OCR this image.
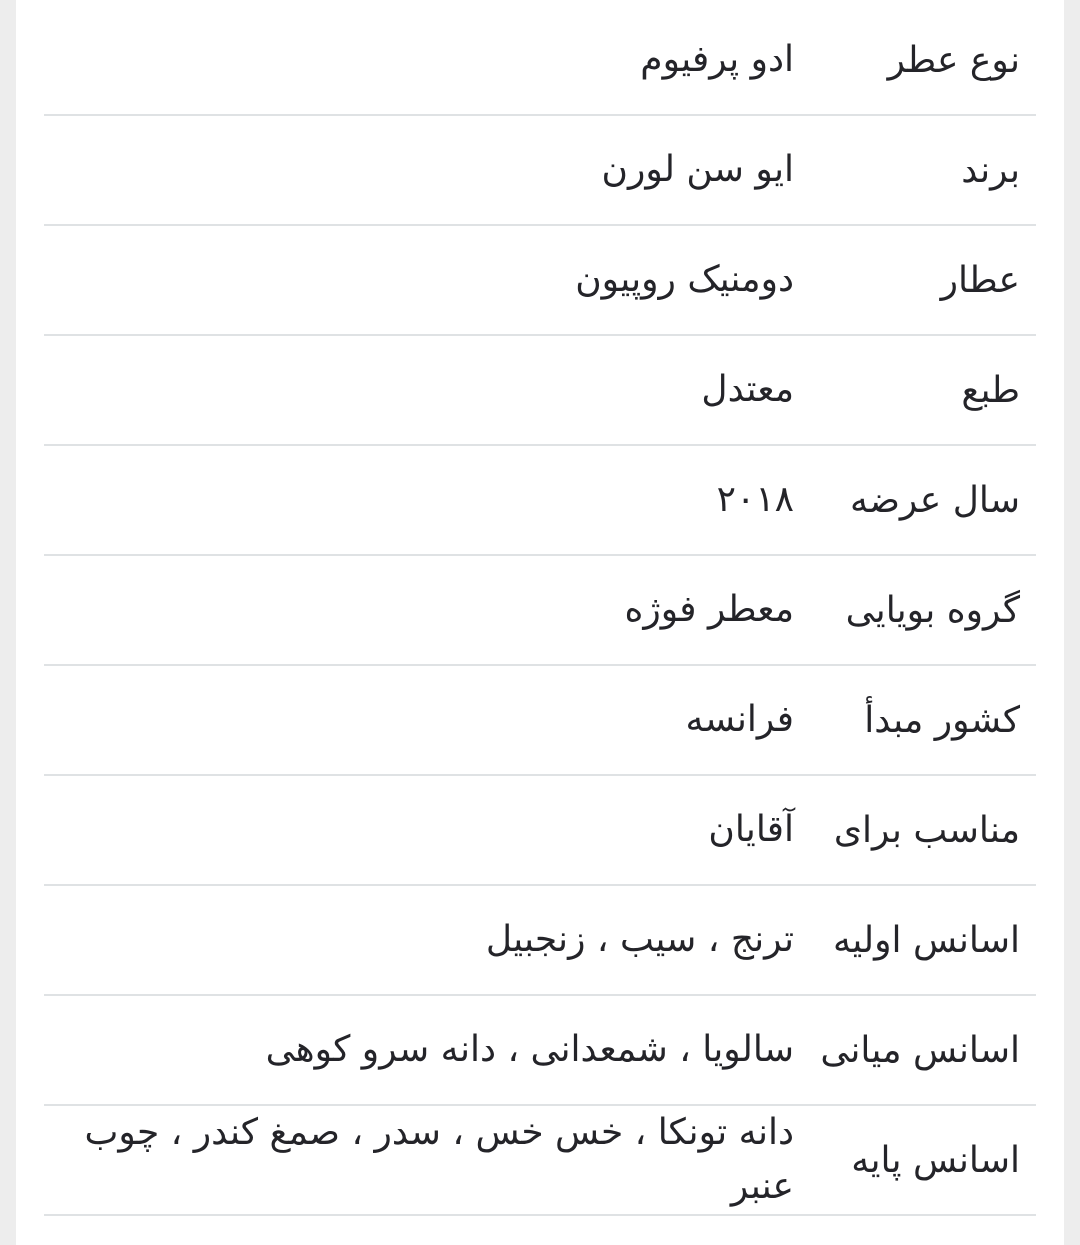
نوع عطر
ادو پرفیوم
برند
ایو سن لورن
عطار
دومنیک روپیون
طبع
معتدل
سال عرضه
۲۰۱۸
گروه بویایی
معطر فوژه
کشور مبدأ
فرانسه
مناسب برای
آقایان
اسانس اولیه
ترنج ، سیب ، زنجبیل
اسانس میانی
سالویا ، شمعدانی ، دانه سرو کوهی
اسانس پایه
دانه تونکا ، خس خس ، سدر ، صمغ کندر ، چوب عنبر
